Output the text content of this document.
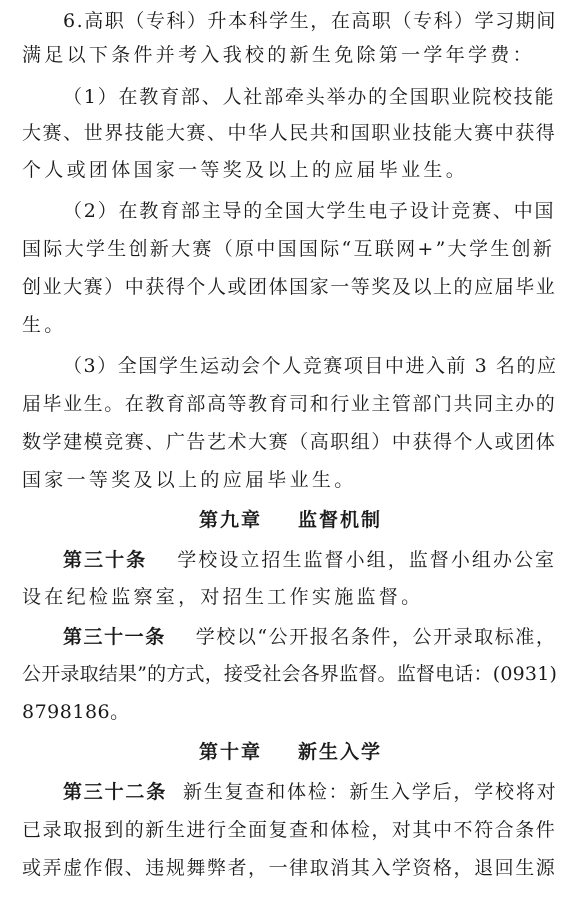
6.高职（专科）升本科学生，在高职（专科）学习期间
满足以下条件并考入我校的新生免除第一学年学费：
（1）在教育部、人社部牵头举办的全国职业院校技能
大赛、世界技能大赛、中华人民共和国职业技能大赛中获得
个人或团体国家一等奖及以上的应届毕业生。
（2）在教育部主导的全国大学生电子设计竞赛、中国
国际大学生创新大赛（原中国国际“互联网+”大学生创新
创业大赛）中获得个人或团体国家一等奖及以上的应届毕业
生。
（3）全国学生运动会个人竞赛项目中进入前 3 名的应
届毕业生。在教育部高等教育司和行业主管部门共同主办的
数学建模竞赛、广告艺术大赛（高职组）中获得个人或团体
国家一等奖及以上的应届毕业生。
第九章 监督机制
第三十条 学校设立招生监督小组，监督小组办公室
设在纪检监察室，对招生工作实施监督。
第三十一条 学校以“公开报名条件，公开录取标准，
公开录取结果”的方式，接受社会各界监督。监督电话：(0931)
8798186。
第十章 新生入学
第三十二条 新生复查和体检：新生入学后，学校将对
已录取报到的新生进行全面复查和体检，对其中不符合条件
或弄虚作假、违规舞弊者，一律取消其入学资格，退回生源
